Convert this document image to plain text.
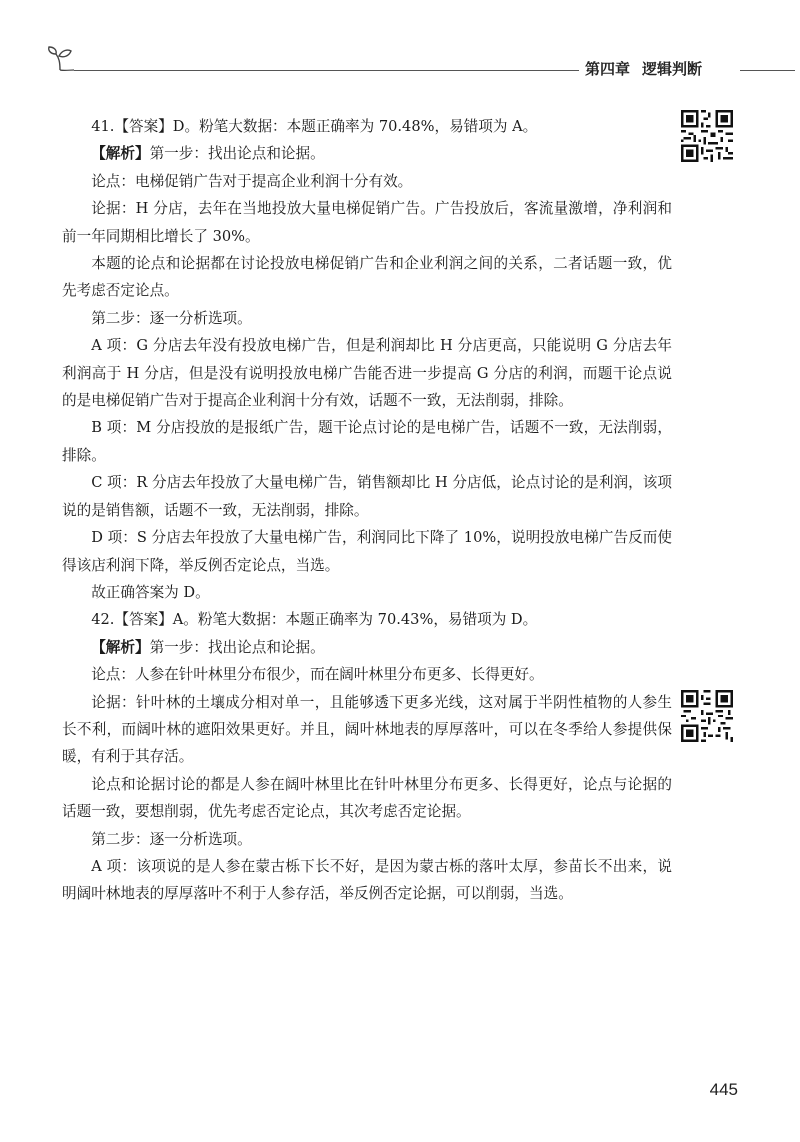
第四章 逻辑判断

41.【答案】D。粉笔大数据：本题正确率为 70.48%，易错项为 A。

【解析】第一步：找出论点和论据。

论点：电梯促销广告对于提高企业利润十分有效。

论据：H 分店，去年在当地投放大量电梯促销广告。广告投放后，客流量激增，净利润和前一年同期相比增长了 30%。

本题的论点和论据都在讨论投放电梯促销广告和企业利润之间的关系，二者话题一致，优先考虑否定论点。

第二步：逐一分析选项。

A 项：G 分店去年没有投放电梯广告，但是利润却比 H 分店更高，只能说明 G 分店去年利润高于 H 分店，但是没有说明投放电梯广告能否进一步提高 G 分店的利润，而题干论点说的是电梯促销广告对于提高企业利润十分有效，话题不一致，无法削弱，排除。

B 项：M 分店投放的是报纸广告，题干论点讨论的是电梯广告，话题不一致，无法削弱，排除。

C 项：R 分店去年投放了大量电梯广告，销售额却比 H 分店低，论点讨论的是利润，该项说的是销售额，话题不一致，无法削弱，排除。

D 项：S 分店去年投放了大量电梯广告，利润同比下降了 10%，说明投放电梯广告反而使得该店利润下降，举反例否定论点，当选。

故正确答案为 D。

42.【答案】A。粉笔大数据：本题正确率为 70.43%，易错项为 D。

【解析】第一步：找出论点和论据。

论点：人参在针叶林里分布很少，而在阔叶林里分布更多、长得更好。

论据：针叶林的土壤成分相对单一，且能够透下更多光线，这对属于半阴性植物的人参生长不利，而阔叶林的遮阳效果更好。并且，阔叶林地表的厚厚落叶，可以在冬季给人参提供保暖，有利于其存活。

论点和论据讨论的都是人参在阔叶林里比在针叶林里分布更多、长得更好，论点与论据的话题一致，要想削弱，优先考虑否定论点，其次考虑否定论据。

第二步：逐一分析选项。

A 项：该项说的是人参在蒙古栎下长不好，是因为蒙古栎的落叶太厚，参苗长不出来，说明阔叶林地表的厚厚落叶不利于人参存活，举反例否定论据，可以削弱，当选。

445
